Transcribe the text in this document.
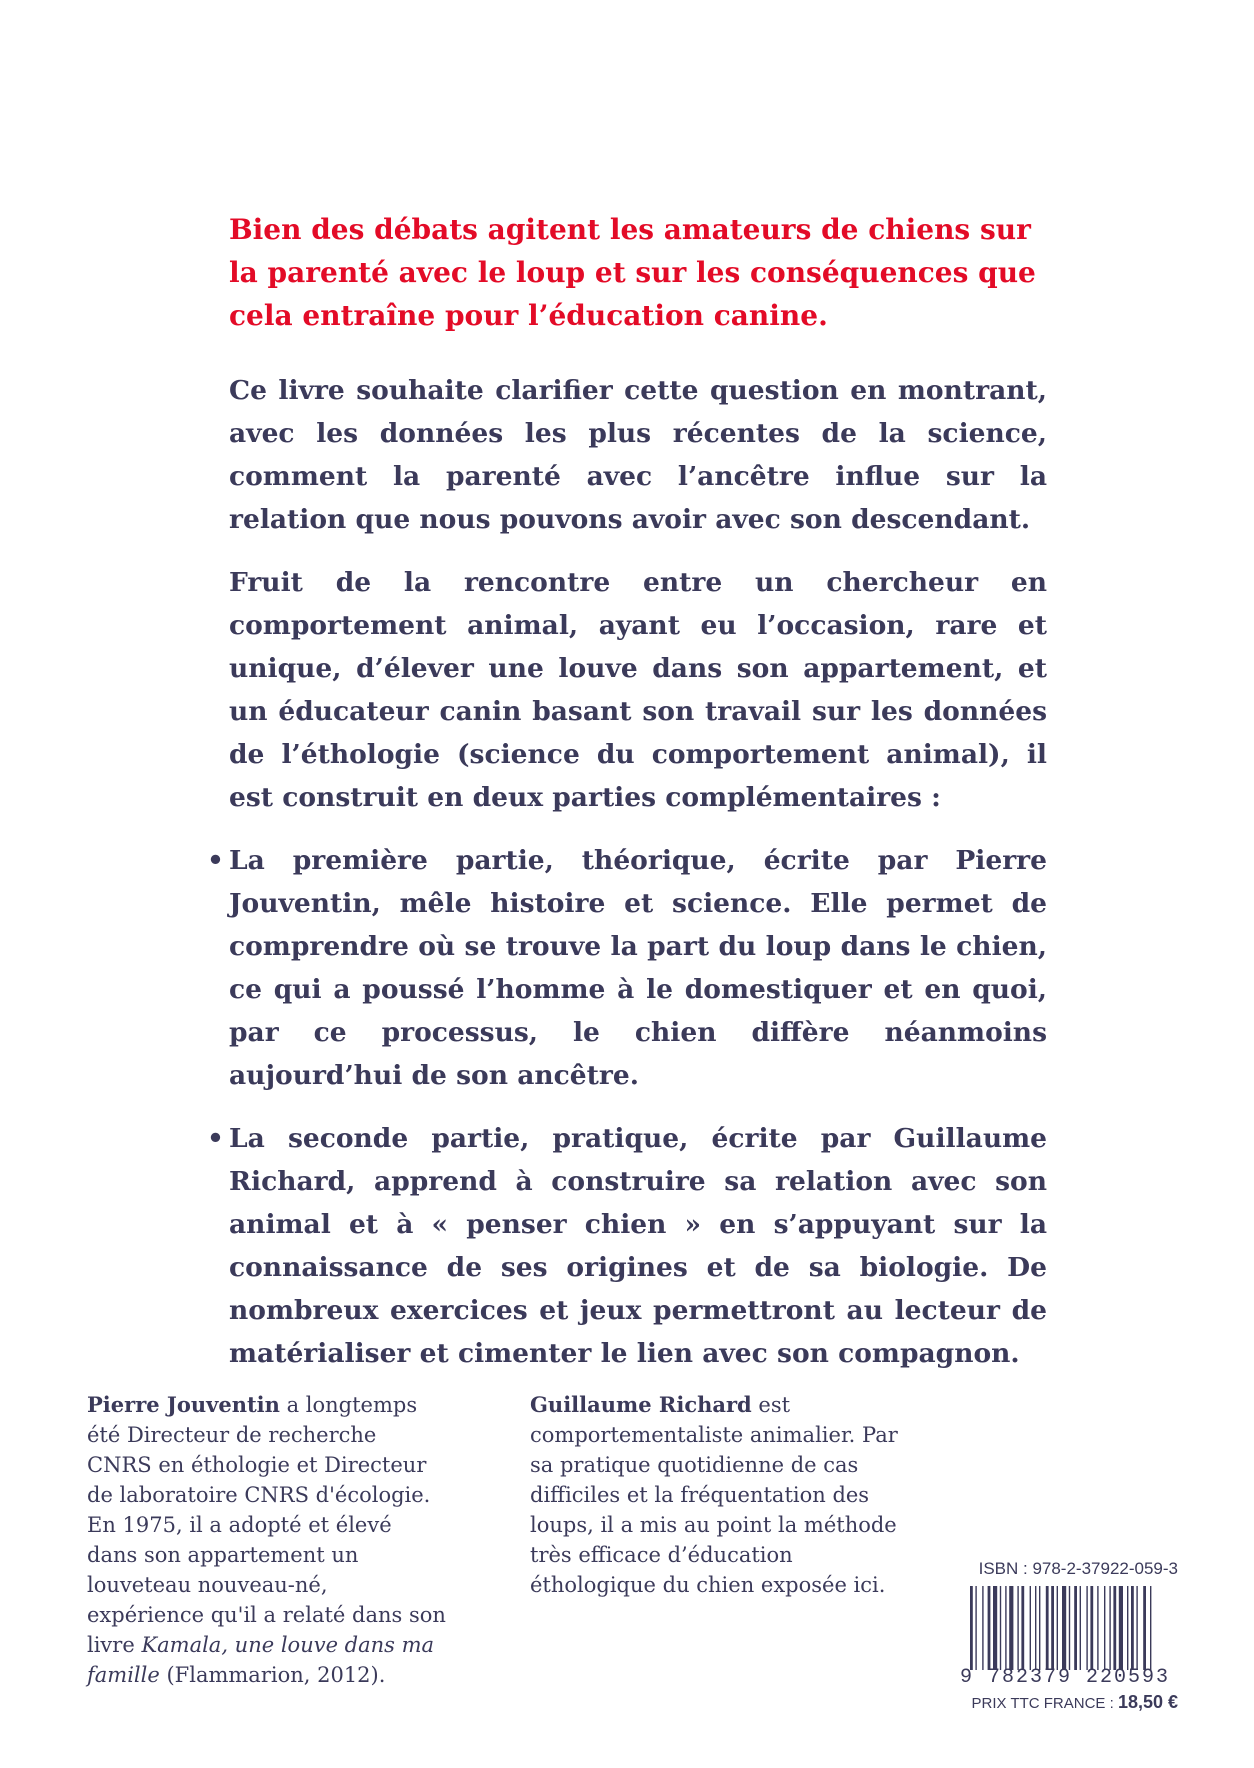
Bien des débats agitent les amateurs de chiens sur la parenté avec le loup et sur les conséquences que cela entraîne pour l’éducation canine.

Ce livre souhaite clarifier cette question en montrant, avec les données les plus récentes de la science, comment la parenté avec l’ancêtre influe sur la relation que nous pouvons avoir avec son descendant.

Fruit de la rencontre entre un chercheur en comportement animal, ayant eu l’occasion, rare et unique, d’élever une louve dans son appartement, et un éducateur canin basant son travail sur les données de l’éthologie (science du comportement animal), il est construit en deux parties complémentaires :

• La première partie, théorique, écrite par Pierre Jouventin, mêle histoire et science. Elle permet de comprendre où se trouve la part du loup dans le chien, ce qui a poussé l’homme à le domestiquer et en quoi, par ce processus, le chien diffère néanmoins aujourd’hui de son ancêtre.
• La seconde partie, pratique, écrite par Guillaume Richard, apprend à construire sa relation avec son animal et à « penser chien » en s’appuyant sur la connaissance de ses origines et de sa biologie. De nombreux exercices et jeux permettront au lecteur de matérialiser et cimenter le lien avec son compagnon.
Pierre Jouventin a longtemps été Directeur de recherche CNRS en éthologie et Directeur de laboratoire CNRS d'écologie. En 1975, il a adopté et élevé dans son appartement un louveteau nouveau-né, expérience qu'il a relaté dans son livre Kamala, une louve dans ma famille (Flammarion, 2012).
Guillaume Richard est comportementaliste animalier. Par sa pratique quotidienne de cas difficiles et la fréquentation des loups, il a mis au point la méthode très efficace d’éducation éthologique du chien exposée ici.
ISBN : 978-2-37922-059-3
9 782379 220593
PRIX TTC FRANCE : 18,50 €
